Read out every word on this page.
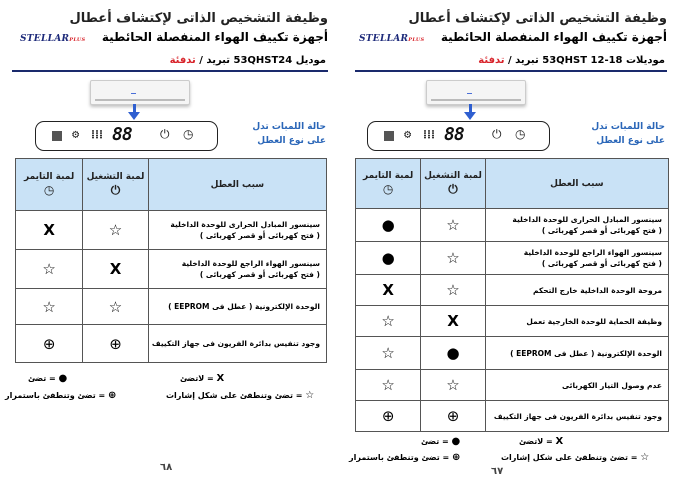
وظيفة التشخيص الذاتى لإكتشاف أعطال
أجهزة تكييف الهواء المنفصلة الحائطية
STELLARPLUS
موديل 53QHST24 تبريد / تدفئة
⚙ ⁞⁞⁞ 88 ⏻ ◷	حالة اللمبات تدل
على نوع العطل
سبب العطل	لمبة التشغيل
⏻	لمبة التايمر
◷

سينسور المبادل الحرارى للوحدة الداخلية
( فتح كهربائى أو قصر كهربائى )	☆	X

سينسور الهواء الراجع للوحدة الداخلية
( فتح كهربائى أو قصر كهربائى )	X	☆

الوحدة الإلكترونية ( عطل فى EEPROM )	☆	☆

وجود تنفيس بدائرة الفريون فى جهاز التكييف	⊕	⊕
X = لاتضئ
● = تضئ
☆ = تضئ وتنطفئ على شكل إشارات
⊕ = تضئ وتنطفئ باستمرار
٦٨
وظيفة التشخيص الذاتى لإكتشاف أعطال
أجهزة تكييف الهواء المنفصلة الحائطية
STELLARPLUS
موديلات 53QHST 12-18 تبريد / تدفئة
⚙ ⁞⁞⁞ 88 ⏻ ◷	حالة اللمبات تدل
على نوع العطل
سبب العطل	لمبة التشغيل
⏻	لمبة التايمر
◷

سينسور المبادل الحرارى للوحدة الداخلية
( فتح كهربائى أو قصر كهربائى )	☆	●

سينسور الهواء الراجع للوحدة الداخلية
( فتح كهربائى أو قصر كهربائى )	☆	●

مروحة الوحدة الداخلية خارج التحكم	☆	X

وظيفة الحماية للوحدة الخارجية تعمل	X	☆

الوحدة الإلكترونية ( عطل فى EEPROM )	●	☆

عدم وصول التيار الكهربائى	☆	☆

وجود تنفيس بدائرة الفريون فى جهاز التكييف	⊕	⊕
X = لاتضئ
● = تضئ
☆ = تضئ وتنطفئ على شكل إشارات
⊕ = تضئ وتنطفئ باستمرار
٦٧
